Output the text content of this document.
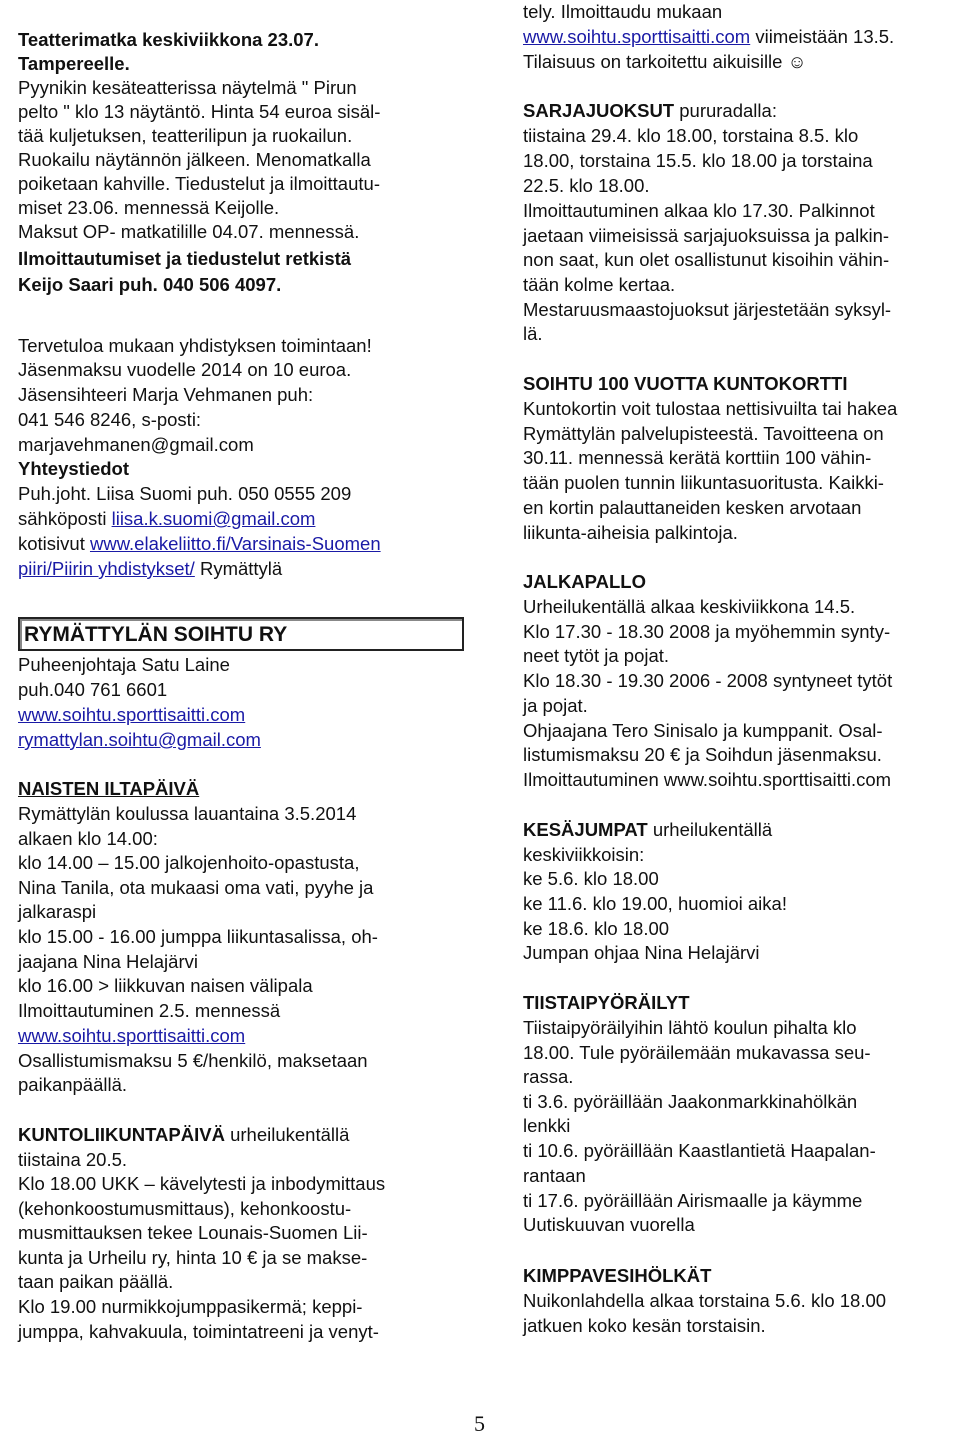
Teatterimatka keskiviikkona 23.07.
Tampereelle.
Pyynikin kesäteatterissa näytelmä " Pirun
pelto " klo 13 näytäntö. Hinta 54 euroa sisäl-
tää kuljetuksen, teatterilipun ja ruokailun.
Ruokailu näytännön jälkeen. Menomatkalla
poiketaan kahville. Tiedustelut ja ilmoittautu-
miset 23.06. mennessä Keijolle.
Maksut OP- matkatilille 04.07. mennessä.
Ilmoittautumiset ja tiedustelut retkistä
Keijo Saari puh. 040 506 4097.
Tervetuloa mukaan yhdistyksen toimintaan!
Jäsenmaksu vuodelle 2014 on 10 euroa.
Jäsensihteeri Marja Vehmanen puh:
041 546 8246, s-posti:
marjavehmanen@gmail.com
Yhteystiedot
Puh.joht. Liisa Suomi puh. 050 0555 209
sähköposti liisa.k.suomi@gmail.com
kotisivut www.elakeliitto.fi/Varsinais-Suomen
piiri/Piirin yhdistykset/ Rymättylä
RYMÄTTYLÄN SOIHTU RY
Puheenjohtaja Satu Laine
puh.040 761 6601
www.soihtu.sporttisaitti.com
rymattylan.soihtu@gmail.com
NAISTEN ILTAPÄIVÄ
Rymättylän koulussa lauantaina 3.5.2014
alkaen klo 14.00:
klo 14.00 – 15.00 jalkojenhoito-opastusta,
Nina Tanila, ota mukaasi oma vati, pyyhe ja
jalkaraspi
klo 15.00 - 16.00 jumppa liikuntasalissa, oh-
jaajana Nina Helajärvi
klo 16.00 > liikkuvan naisen välipala
Ilmoittautuminen 2.5. mennessä
www.soihtu.sporttisaitti.com
Osallistumismaksu 5 €/henkilö, maksetaan
paikanpäällä.
KUNTOLIIKUNTAPÄIVÄ urheilukentällä
tiistaina 20.5.
Klo 18.00 UKK – kävelytesti ja inbodymittaus
(kehonkoostumusmittaus), kehonkoostu-
musmittauksen tekee Lounais-Suomen Lii-
kunta ja Urheilu ry, hinta 10 € ja se makse-
taan paikan päällä.
Klo 19.00 nurmikkojumppasikermä; keppi-
jumppa, kahvakuula, toimintatreeni ja venyt-
tely. Ilmoittaudu mukaan
www.soihtu.sporttisaitti.com viimeistään 13.5.
Tilaisuus on tarkoitettu aikuisille ☺
SARJAJUOKSUT pururadalla:
tiistaina 29.4. klo 18.00, torstaina 8.5. klo
18.00, torstaina 15.5. klo 18.00 ja torstaina
22.5. klo 18.00.
Ilmoittautuminen alkaa klo 17.30. Palkinnot
jaetaan viimeisissä sarjajuoksuissa ja palkin-
non saat, kun olet osallistunut kisoihin vähin-
tään kolme kertaa.
Mestaruusmaastojuoksut järjestetään syksyl-
lä.
SOIHTU 100 VUOTTA KUNTOKORTTI
Kuntokortin voit tulostaa nettisivuilta tai hakea
Rymättylän palvelupisteestä. Tavoitteena on
30.11. mennessä kerätä korttiin 100 vähin-
tään puolen tunnin liikuntasuoritusta. Kaikki-
en kortin palauttaneiden kesken arvotaan
liikunta-aiheisia palkintoja.
JALKAPALLO
Urheilukentällä alkaa keskiviikkona 14.5.
Klo 17.30 - 18.30 2008 ja myöhemmin synty-
neet tytöt ja pojat.
Klo 18.30 - 19.30 2006 - 2008 syntyneet tytöt
ja pojat.
Ohjaajana Tero Sinisalo ja kumppanit. Osal-
listumismaksu 20 € ja Soihdun jäsenmaksu.
Ilmoittautuminen www.soihtu.sporttisaitti.com
KESÄJUMPAT urheilukentällä
keskiviikkoisin:
ke 5.6. klo 18.00
ke 11.6. klo 19.00, huomioi aika!
ke 18.6. klo 18.00
Jumpan ohjaa Nina Helajärvi
TIISTAIPYÖRÄILYT
Tiistaipyöräilyihin lähtö koulun pihalta klo
18.00. Tule pyöräilemään mukavassa seu-
rassa.
ti 3.6. pyöräillään Jaakonmarkkinahölkän
lenkki
ti 10.6. pyöräillään Kaastlantietä Haapalan-
rantaan
ti 17.6. pyöräillään Airismaalle ja käymme
Uutiskuuvan vuorella
KIMPPAVESIHÖLKÄT
Nuikonlahdella alkaa torstaina 5.6. klo 18.00
jatkuen koko kesän torstaisin.
5
